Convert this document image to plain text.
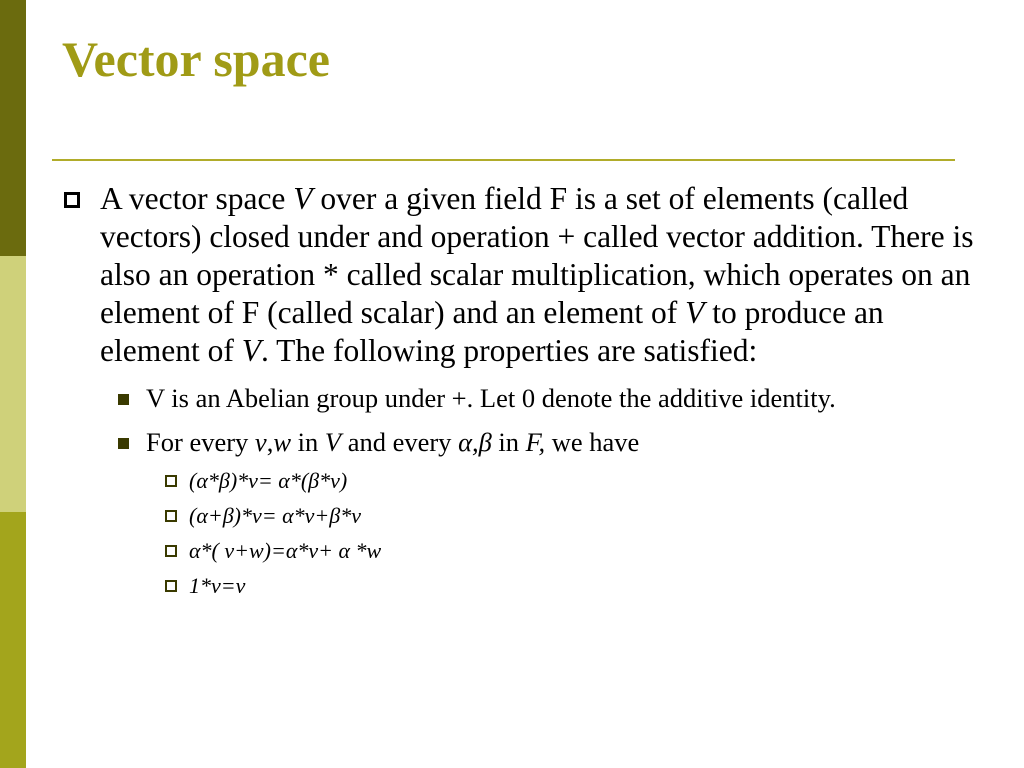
Vector space

A vector space V over a given field F is a set of elements (called vectors) closed under and operation + called vector addition. There is also an operation * called scalar multiplication, which operates on an element of F (called scalar) and an element of V to produce an element of V. The following properties are satisfied:

V is an Abelian group under +. Let 0 denote the additive identity.

For every v,w in V and every α,β in F, we have

(α*β)*v= α*(β*v)

(α+β)*v= α*v+β*v

α*( v+w)=α*v+ α *w

1*v=v
